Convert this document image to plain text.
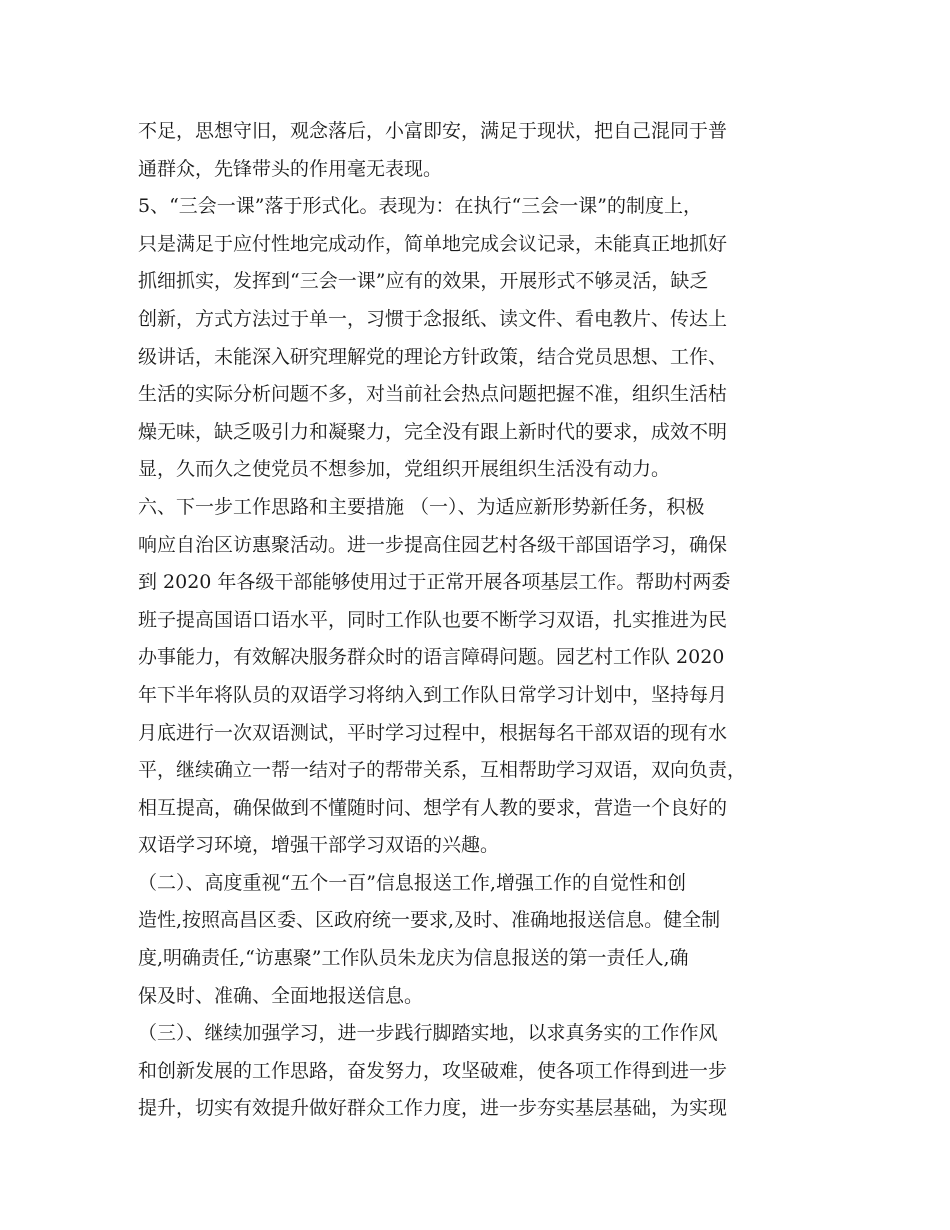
不足，思想守旧，观念落后，小富即安，满足于现状，把自己混同于普
通群众，先锋带头的作用毫无表现。
5、“三会一课”落于形式化。表现为：在执行“三会一课”的制度上，
只是满足于应付性地完成动作，简单地完成会议记录，未能真正地抓好
抓细抓实，发挥到“三会一课”应有的效果，开展形式不够灵活，缺乏
创新，方式方法过于单一，习惯于念报纸、读文件、看电教片、传达上
级讲话，未能深入研究理解党的理论方针政策，结合党员思想、工作、
生活的实际分析问题不多，对当前社会热点问题把握不准，组织生活枯
燥无味，缺乏吸引力和凝聚力，完全没有跟上新时代的要求，成效不明
显，久而久之使党员不想参加，党组织开展组织生活没有动力。
六、下一步工作思路和主要措施 （一）、为适应新形势新任务，积极
响应自治区访惠聚活动。进一步提高住园艺村各级干部国语学习，确保
到 2020 年各级干部能够使用过于正常开展各项基层工作。帮助村两委
班子提高国语口语水平，同时工作队也要不断学习双语，扎实推进为民
办事能力，有效解决服务群众时的语言障碍问题。园艺村工作队 2020
年下半年将队员的双语学习将纳入到工作队日常学习计划中，坚持每月
月底进行一次双语测试，平时学习过程中，根据每名干部双语的现有水
平，继续确立一帮一结对子的帮带关系，互相帮助学习双语，双向负责，
相互提高，确保做到不懂随时问、想学有人教的要求，营造一个良好的
双语学习环境，增强干部学习双语的兴趣。
（二）、高度重视“五个一百”信息报送工作,增强工作的自觉性和创
造性,按照高昌区委、区政府统一要求,及时、准确地报送信息。健全制
度,明确责任,“访惠聚”工作队员朱龙庆为信息报送的第一责任人,确
保及时、准确、全面地报送信息。
（三）、继续加强学习，进一步践行脚踏实地，以求真务实的工作作风
和创新发展的工作思路，奋发努力，攻坚破难，使各项工作得到进一步
提升，切实有效提升做好群众工作力度，进一步夯实基层基础，为实现
